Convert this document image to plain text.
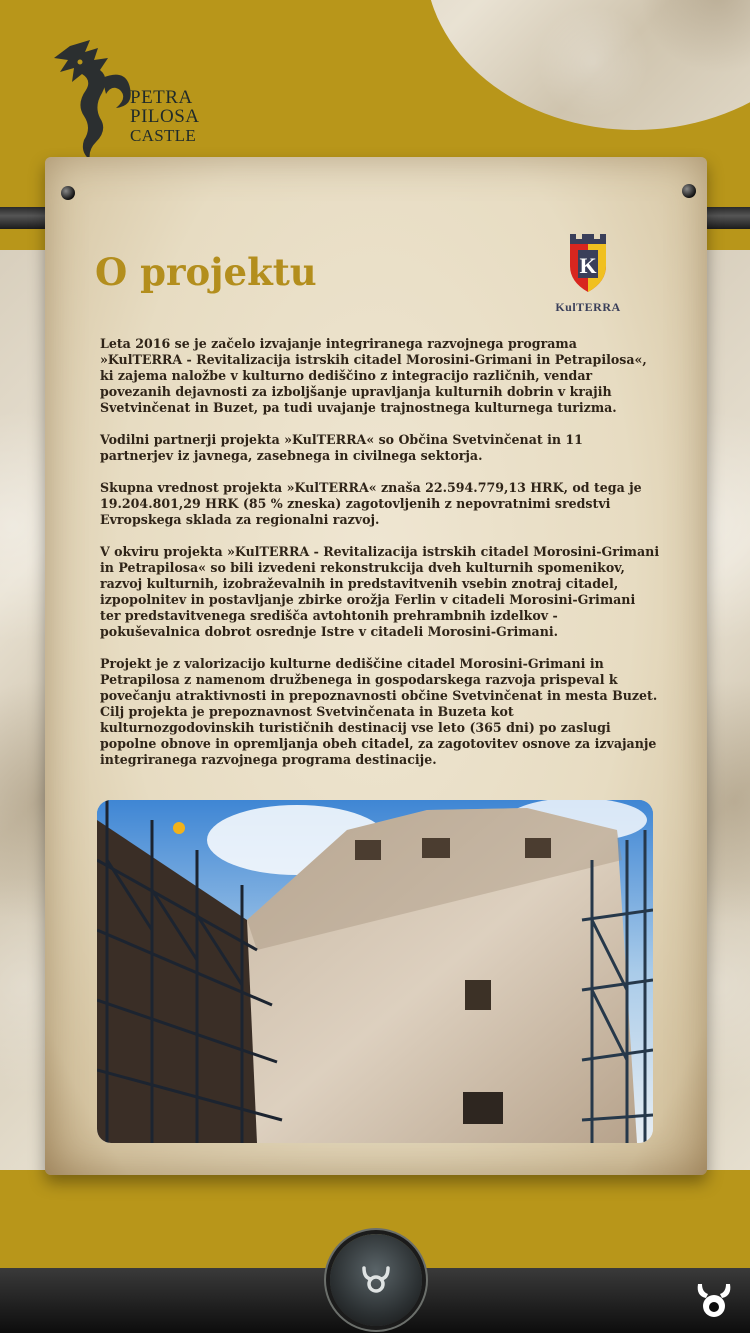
PETRA
PILOSA
CASTLE
O projektu	K
KulTERRA

Leta 2016 se je začelo izvajanje integriranega razvojnega programa »KulTERRA - Revitalizacija istrskih citadel Morosini-Grimani in Petrapilosa«, ki zajema naložbe v kulturno dediščino z integracijo različnih, vendar povezanih dejavnosti za izboljšanje upravljanja kulturnih dobrin v krajih Svetvinčenat in Buzet, pa tudi uvajanje trajnostnega kulturnega turizma.

Vodilni partnerji projekta »KulTERRA« so Občina Svetvinčenat in 11 partnerjev iz javnega, zasebnega in civilnega sektorja.

Skupna vrednost projekta »KulTERRA« znaša 22.594.779,13 HRK, od tega je 19.204.801,29 HRK (85 % zneska) zagotovljenih z nepovratnimi sredstvi Evropskega sklada za regionalni razvoj.

V okviru projekta »KulTERRA - Revitalizacija istrskih citadel Morosini-Grimani in Petrapilosa« so bili izvedeni rekonstrukcija dveh kulturnih spomenikov, razvoj kulturnih, izobraževalnih in predstavitvenih vsebin znotraj citadel, izpopolnitev in postavljanje zbirke orožja Ferlin v citadeli Morosini-Grimani ter predstavitvenega središča avtohtonih prehrambnih izdelkov - pokuševalnica dobrot osrednje Istre v citadeli Morosini-Grimani.

Projekt je z valorizacijo kulturne dediščine citadel Morosini-Grimani in Petrapilosa z namenom družbenega in gospodarskega razvoja prispeval k povečanju atraktivnosti in prepoznavnosti občine Svetvinčenat in mesta Buzet. Cilj projekta je prepoznavnost Svetvinčenata in Buzeta kot kulturnozgodovinskih turističnih destinacij vse leto (365 dni) po zaslugi popolne obnove in opremljanja obeh citadel, za zagotovitev osnove za izvajanje integriranega razvojnega programa destinacije.
